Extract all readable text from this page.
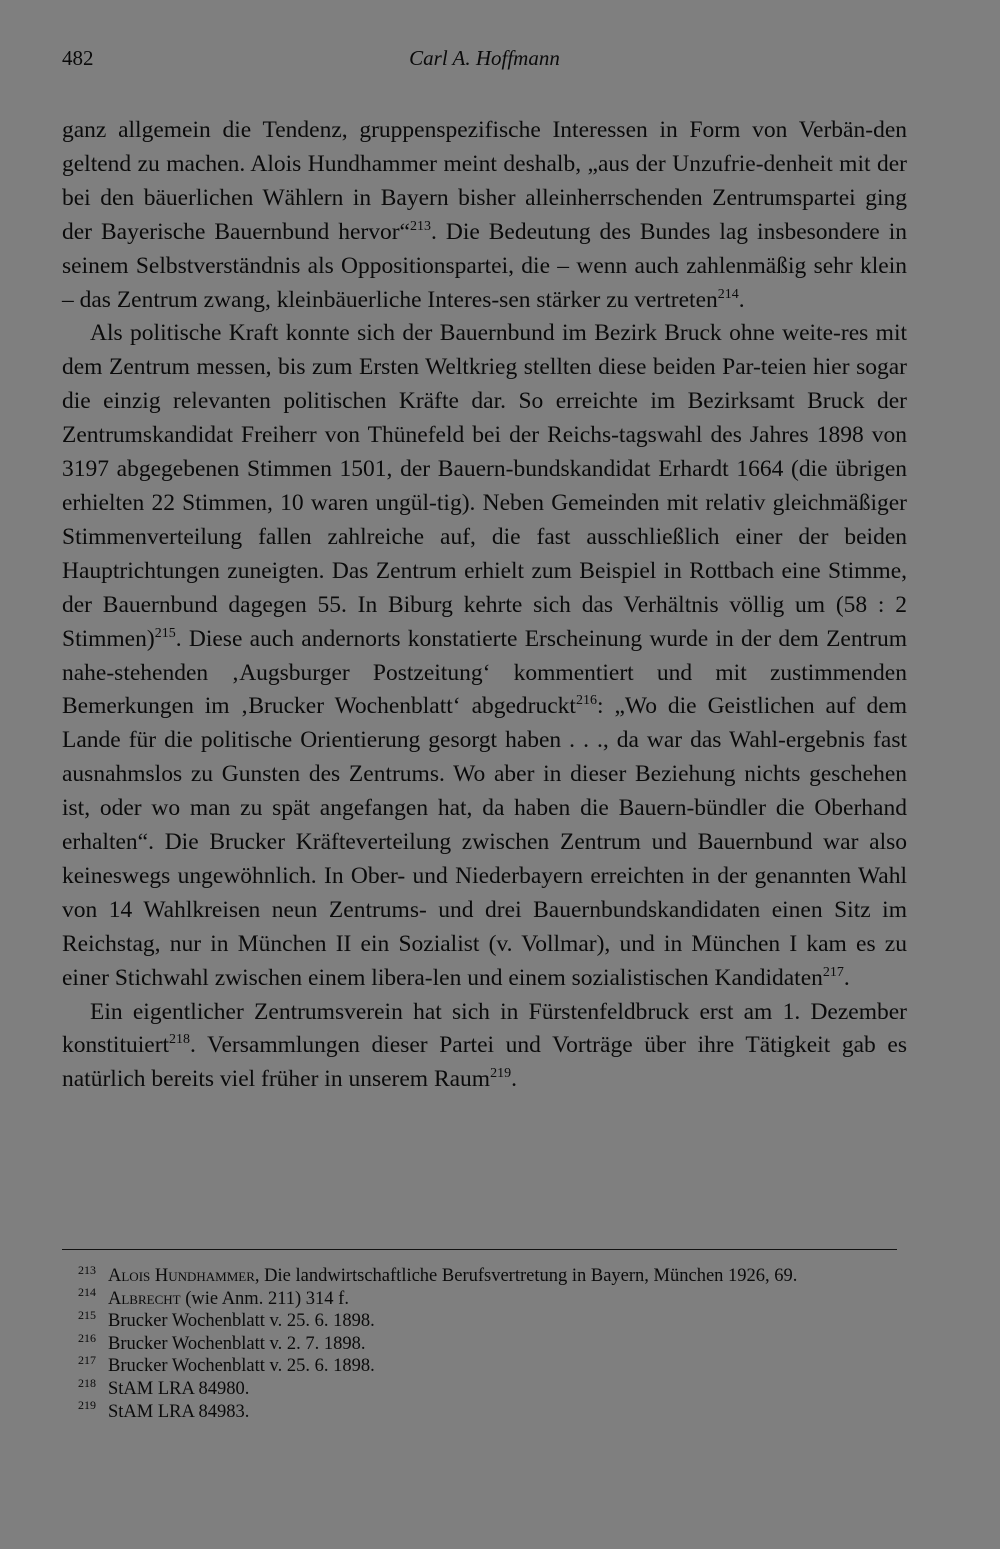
482	Carl A. Hoffmann

ganz allgemein die Tendenz, gruppenspezifische Interessen in Form von Verbän-den geltend zu machen. Alois Hundhammer meint deshalb, „aus der Unzufrie-denheit mit der bei den bäuerlichen Wählern in Bayern bisher alleinherrschenden Zentrumspartei ging der Bayerische Bauernbund hervor“$^{213}$. Die Bedeutung des Bundes lag insbesondere in seinem Selbstverständnis als Oppositionspartei, die – wenn auch zahlenmäßig sehr klein – das Zentrum zwang, kleinbäuerliche Interes-sen stärker zu vertreten$^{214}$.

Als politische Kraft konnte sich der Bauernbund im Bezirk Bruck ohne weite-res mit dem Zentrum messen, bis zum Ersten Weltkrieg stellten diese beiden Par-teien hier sogar die einzig relevanten politischen Kräfte dar. So erreichte im Bezirksamt Bruck der Zentrumskandidat Freiherr von Thünefeld bei der Reichs-tagswahl des Jahres 1898 von 3197 abgegebenen Stimmen 1501, der Bauern-bundskandidat Erhardt 1664 (die übrigen erhielten 22 Stimmen, 10 waren ungül-tig). Neben Gemeinden mit relativ gleichmäßiger Stimmenverteilung fallen zahlreiche auf, die fast ausschließlich einer der beiden Hauptrichtungen zuneigten. Das Zentrum erhielt zum Beispiel in Rottbach eine Stimme, der Bauernbund dagegen 55. In Biburg kehrte sich das Verhältnis völlig um (58 : 2 Stimmen)$^{215}$. Diese auch andernorts konstatierte Erscheinung wurde in der dem Zentrum nahe-stehenden ‚Augsburger Postzeitung‘ kommentiert und mit zustimmenden Bemerkungen im ‚Brucker Wochenblatt‘ abgedruckt$^{216}$: „Wo die Geistlichen auf dem Lande für die politische Orientierung gesorgt haben . . ., da war das Wahl-ergebnis fast ausnahmslos zu Gunsten des Zentrums. Wo aber in dieser Beziehung nichts geschehen ist, oder wo man zu spät angefangen hat, da haben die Bauern-bündler die Oberhand erhalten“. Die Brucker Kräfteverteilung zwischen Zentrum und Bauernbund war also keineswegs ungewöhnlich. In Ober- und Niederbayern erreichten in der genannten Wahl von 14 Wahlkreisen neun Zentrums- und drei Bauernbundskandidaten einen Sitz im Reichstag, nur in München II ein Sozialist (v. Vollmar), und in München I kam es zu einer Stichwahl zwischen einem libera-len und einem sozialistischen Kandidaten$^{217}$.

Ein eigentlicher Zentrumsverein hat sich in Fürstenfeldbruck erst am 1. Dezember konstituiert$^{218}$. Versammlungen dieser Partei und Vorträge über ihre Tätigkeit gab es natürlich bereits viel früher in unserem Raum$^{219}$.

$^{213}$ Alois Hundhammer, Die landwirtschaftliche Berufsvertretung in Bayern, München 1926, 69.

$^{214}$ Albrecht (wie Anm. 211) 314 f.

$^{215}$ Brucker Wochenblatt v. 25. 6. 1898.

$^{216}$ Brucker Wochenblatt v. 2. 7. 1898.

$^{217}$ Brucker Wochenblatt v. 25. 6. 1898.

$^{218}$ StAM LRA 84980.

$^{219}$ StAM LRA 84983.
